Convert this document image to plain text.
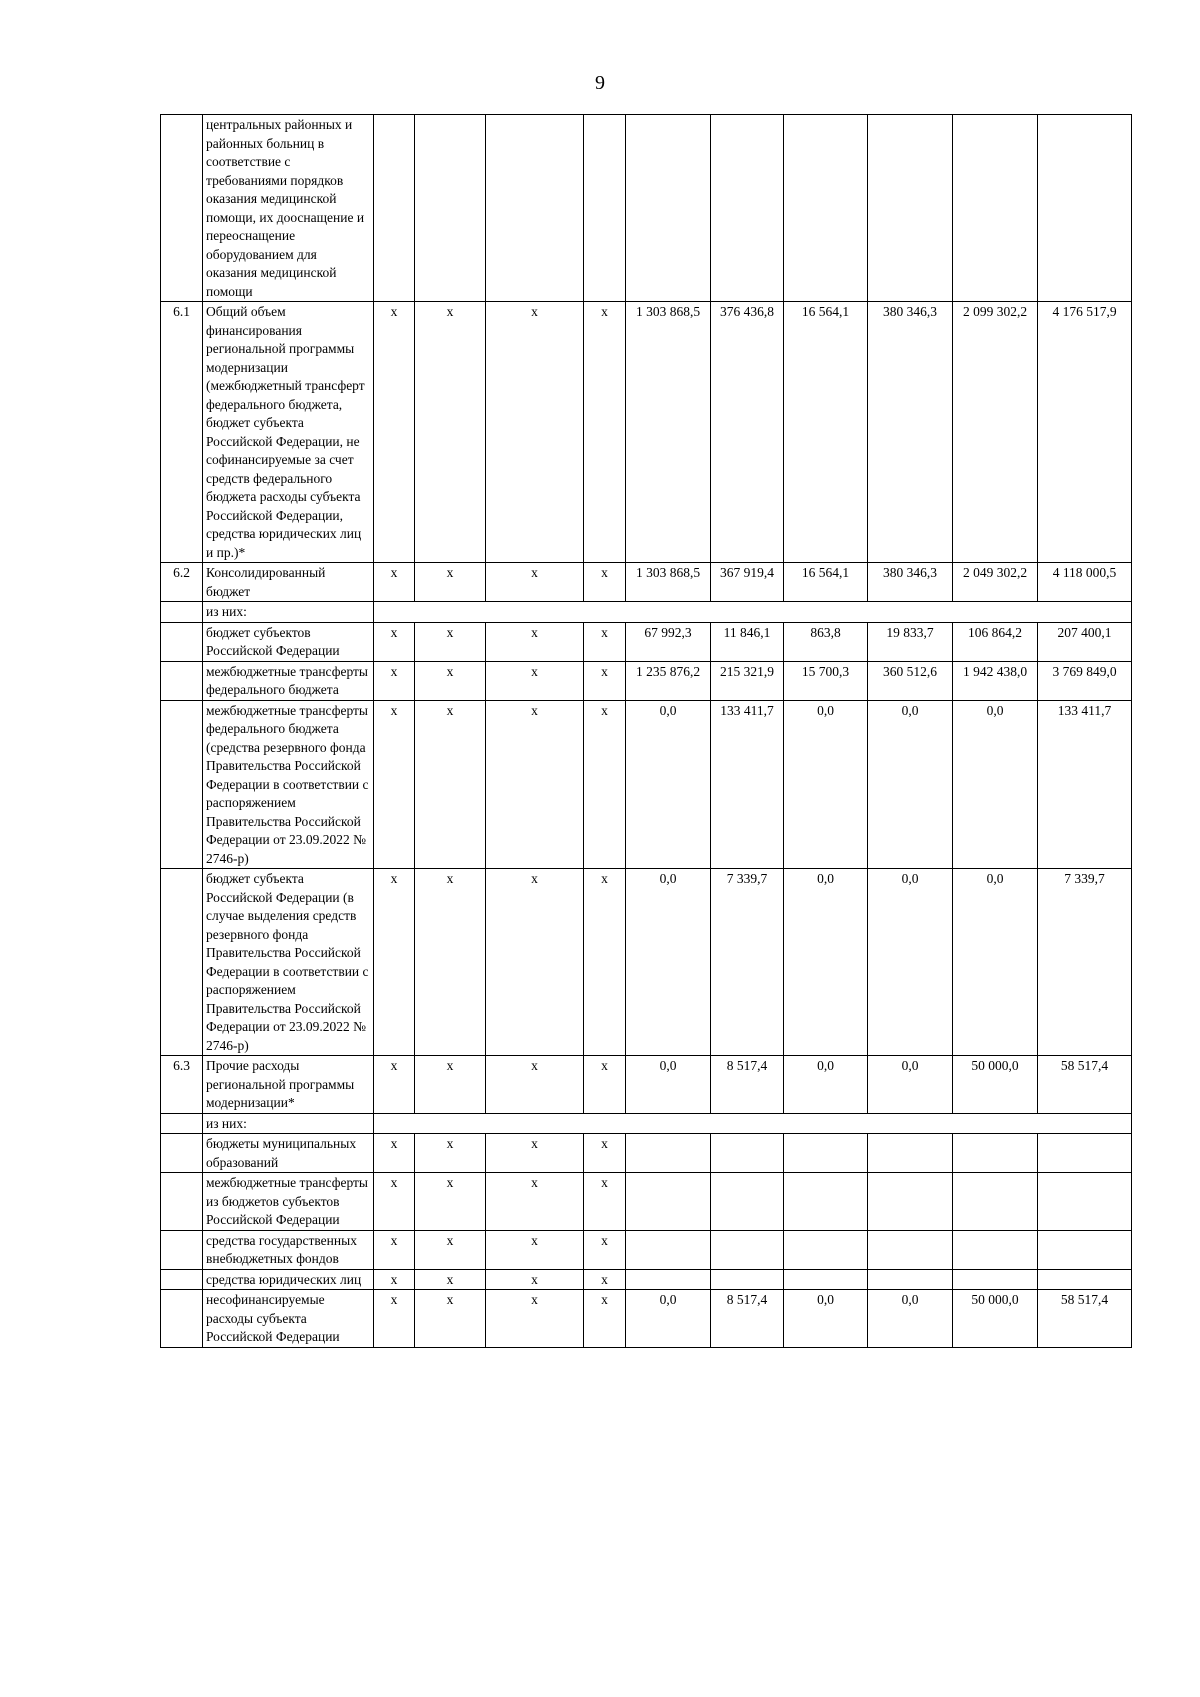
9
	центральных районных и районных больниц в соответствие с требованиями порядков оказания медицинской помощи, их дооснащение и переоснащение оборудованием для оказания медицинской помощи										
6.1	Общий объем финансирования региональной программы модернизации (межбюджетный трансферт федерального бюджета, бюджет субъекта Российской Федерации, не софинансируемые за счет средств федерального бюджета расходы субъекта Российской Федерации, средства юридических лиц и пр.)*	x	x	x	x	1 303 868,5	376 436,8	16 564,1	380 346,3	2 099 302,2	4 176 517,9
6.2	Консолидированный бюджет	x	x	x	x	1 303 868,5	367 919,4	16 564,1	380 346,3	2 049 302,2	4 118 000,5
	из них:										
	бюджет субъектов Российской Федерации	x	x	x	x	67 992,3	11 846,1	863,8	19 833,7	106 864,2	207 400,1
	межбюджетные трансферты федерального бюджета	x	x	x	x	1 235 876,2	215 321,9	15 700,3	360 512,6	1 942 438,0	3 769 849,0
	межбюджетные трансферты федерального бюджета (средства резервного фонда Правительства Российской Федерации в соответствии с распоряжением Правительства Российской Федерации от 23.09.2022 № 2746-р)	x	x	x	x	0,0	133 411,7	0,0	0,0	0,0	133 411,7
	бюджет субъекта Российской Федерации (в случае выделения средств резервного фонда Правительства Российской Федерации в соответствии с распоряжением Правительства Российской Федерации от 23.09.2022 № 2746-р)	x	x	x	x	0,0	7 339,7	0,0	0,0	0,0	7 339,7
6.3	Прочие расходы региональной программы модернизации*	x	x	x	x	0,0	8 517,4	0,0	0,0	50 000,0	58 517,4
	из них:										
	бюджеты муниципальных образований	x	x	x	x						
	межбюджетные трансферты из бюджетов субъектов Российской Федерации	x	x	x	x						
	средства государственных внебюджетных фондов	x	x	x	x						
	средства юридических лиц	x	x	x	x						
	несофинансируемые расходы субъекта Российской Федерации	x	x	x	x	0,0	8 517,4	0,0	0,0	50 000,0	58 517,4
